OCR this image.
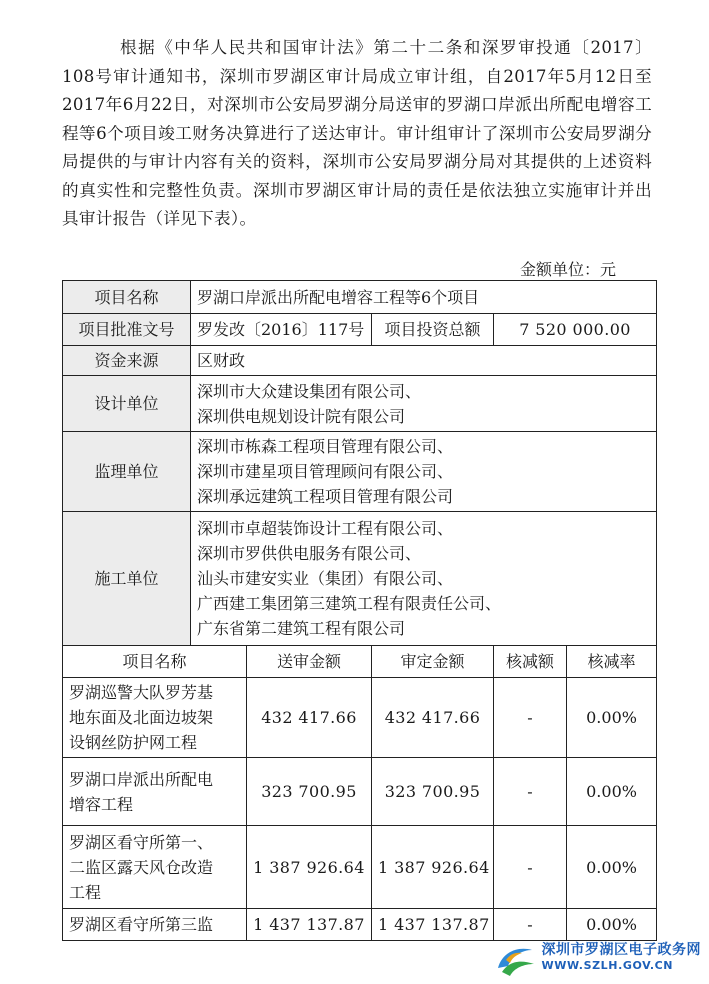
根据《中华人民共和国审计法》第二十二条和深罗审投通〔2017〕108号审计通知书，深圳市罗湖区审计局成立审计组，自2017年5月12日至2017年6月22日，对深圳市公安局罗湖分局送审的罗湖口岸派出所配电增容工程等6个项目竣工财务决算进行了送达审计。审计组审计了深圳市公安局罗湖分局提供的与审计内容有关的资料，深圳市公安局罗湖分局对其提供的上述资料的真实性和完整性负责。深圳市罗湖区审计局的责任是依法独立实施审计并出具审计报告（详见下表）。

金额单位：元
项目名称	罗湖口岸派出所配电增容工程等6个项目				
项目批准文号	罗发改〔2016〕117号		项目投资总额	7 520 000.00	
资金来源	区财政				
设计单位	深圳市大众建设集团有限公司、
深圳供电规划设计院有限公司				

监理单位	深圳市栋森工程项目管理有限公司、
深圳市建星项目管理顾问有限公司、
深圳承远建筑工程项目管理有限公司				

施工单位	深圳市卓超装饰设计工程有限公司、
深圳市罗供供电服务有限公司、
汕头市建安实业（集团）有限公司、
广西建工集团第三建筑工程有限责任公司、
广东省第二建筑工程有限公司				

项目名称		送审金额	审定金额	核减额	核减率

罗湖巡警大队罗芳基
地东面及北面边坡架
设钢丝防护网工程		432 417.66	432 417.66	-	0.00%

罗湖口岸派出所配电
增容工程		323 700.95	323 700.95	-	0.00%

罗湖区看守所第一、
二监区露天风仓改造
工程		1 387 926.64	1 387 926.64	-	0.00%

罗湖区看守所第三监		1 437 137.87	1 437 137.87	-	0.00%
深圳市罗湖区电子政务网
WWW.SZLH.GOV.CN
